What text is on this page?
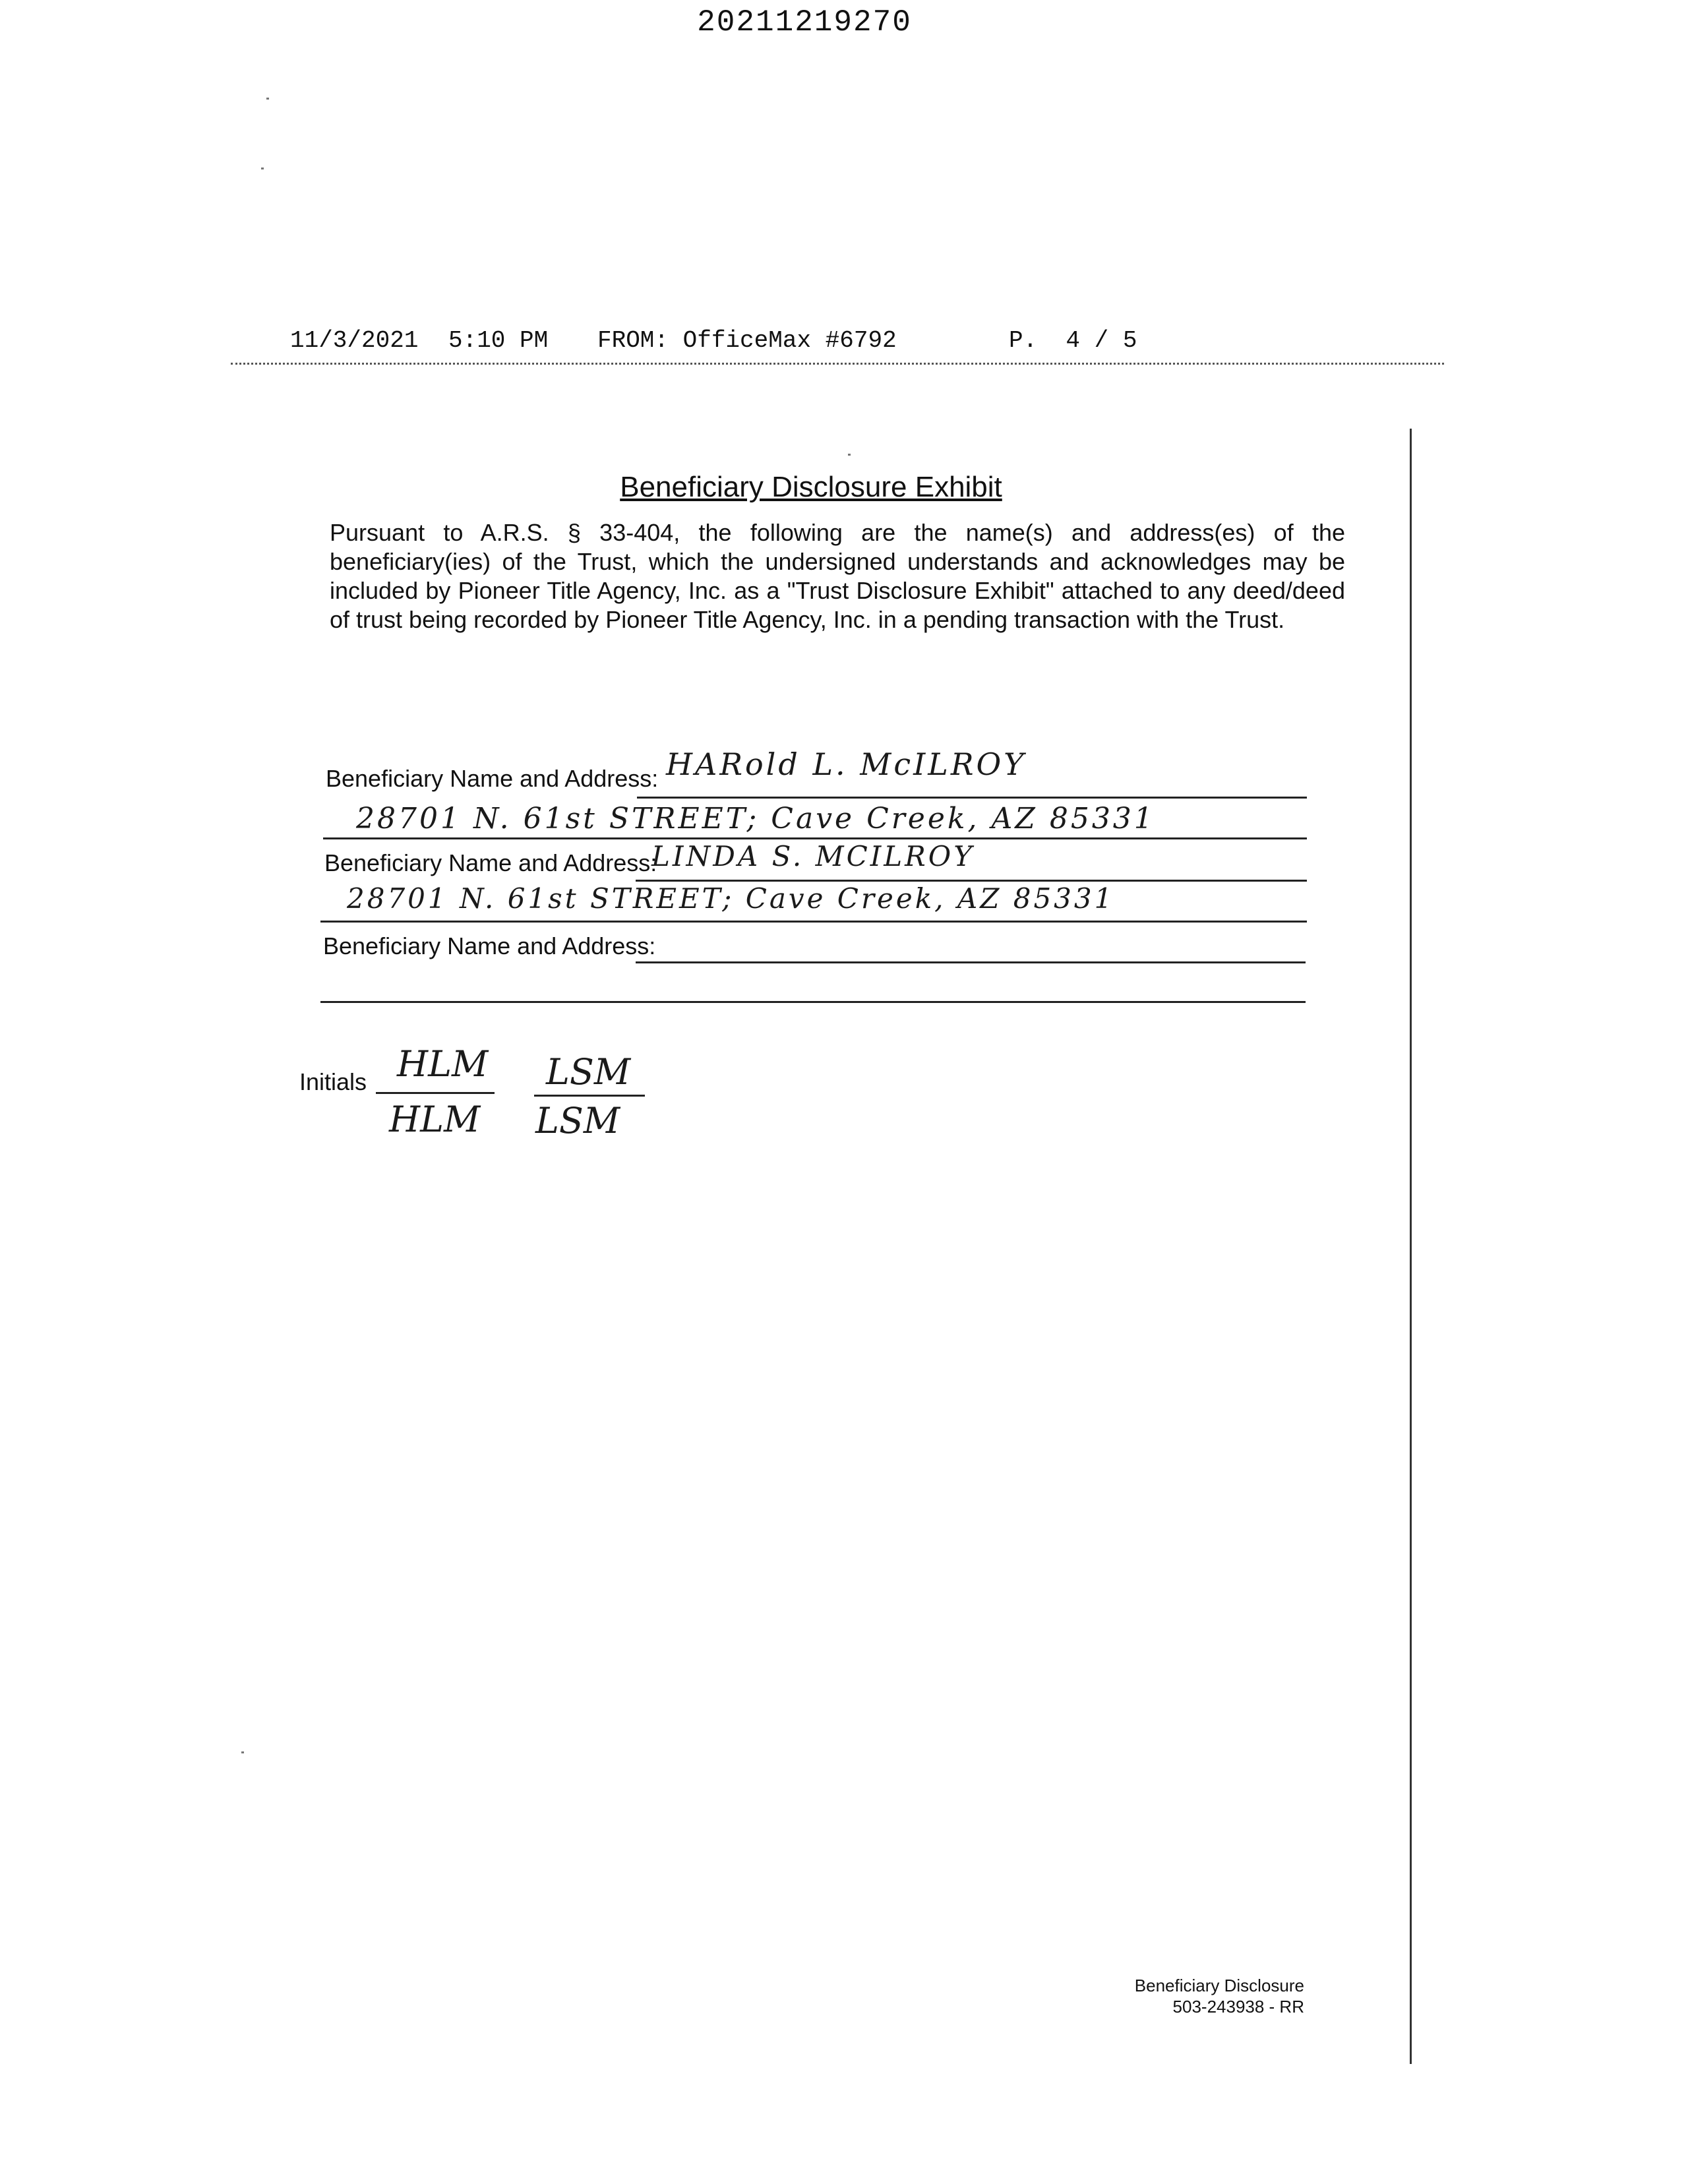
20211219270
11/3/2021 5:10 PM FROM: OfficeMax #6792	P.  4 / 5
Beneficiary Disclosure Exhibit
Pursuant to A.R.S. § 33-404, the following are the name(s) and address(es) of the beneficiary(ies) of the Trust, which the undersigned understands and acknowledges may be included by Pioneer Title Agency, Inc. as a "Trust Disclosure Exhibit" attached to any deed/deed of trust being recorded by Pioneer Title Agency, Inc. in a pending transaction with the Trust.
Beneficiary Name and Address: HARold L. McILROY
28701 N. 61st STREET; Cave Creek, AZ 85331
Beneficiary Name and Address:
LINDA S. MCILROY
28701 N. 61st STREET; Cave Creek, AZ 85331
Beneficiary Name and Address:
Initials HLM LSM
HLM LSM
Beneficiary Disclosure
503-243938 - RR
